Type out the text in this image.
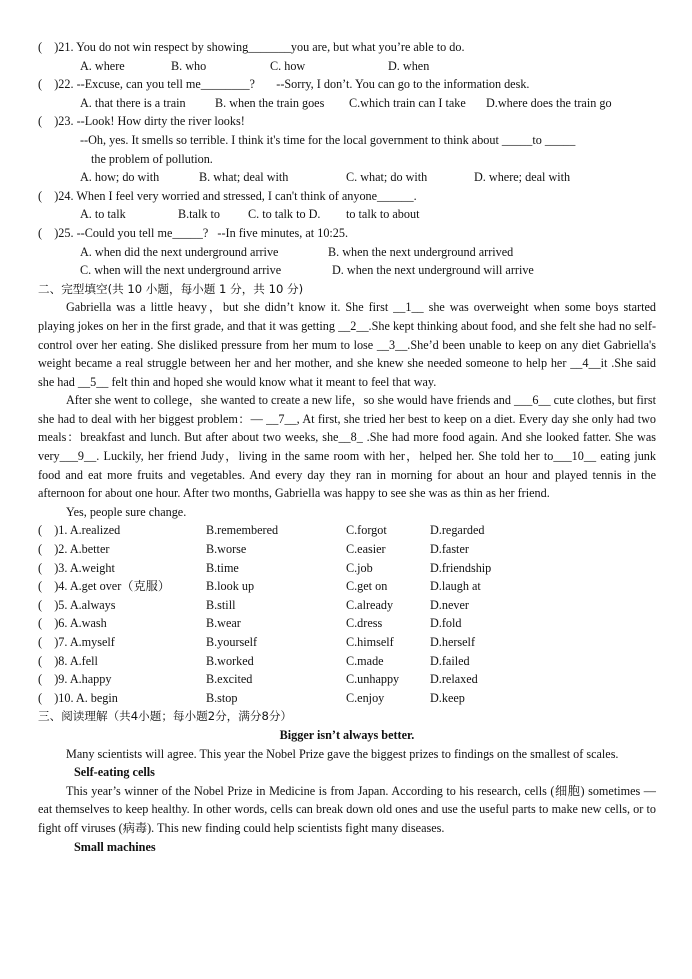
(    )21. You do not win respect by showing_______you are, but what you’re able to do.
A. where	B. who	C. how	D. when
(    )22. --Excuse, can you tell me________?       --Sorry, I don’t. You can go to the information desk.
A. that there is a train B. when the train goes C.which train can I take D.where does the train go
(    )23. --Look! How dirty the river looks!
--Oh, yes. It smells so terrible. I think it's time for the local government to think about _____to _____
the problem of pollution.
A. how; do with	B. what; deal with	C. what; do with	D. where; deal with
(    )24. When I feel very worried and stressed, I can't think of anyone______.
A. to talk	B.talk to C. to talk to D. to talk to about
(    )25. --Could you tell me_____?   --In five minutes, at 10:25.
A. when did the next underground arrive	B. when the next underground arrived
C. when will the next underground arrive	D. when the next underground will arrive
二、完型填空(共 10 小题，每小题 1 分，共 10 分)
Gabriella was a little heavy，but she didn’t know it. She first __1__ she was overweight when some boys started playing jokes on her in the first grade, and that it was getting __2__.She kept thinking about food, and she felt she had no self-control over her eating. She disliked pressure from her mum to lose __3__.She’d been unable to keep on any diet Gabriella's weight became a real struggle between her and her mother, and she knew she needed someone to help her __4__it .She said she had __5__ felt thin and hoped she would know what it meant to feel that way.
After she went to college，she wanted to create a new life，so she would have friends and ___6__ cute clothes, but first she had to deal with her biggest problem：— __7__, At first, she tried her best to keep on a diet. Every day she only had two meals：breakfast and lunch. But after about two weeks, she__8_ .She had more food again. And she looked fatter. She was very___9__. Luckily, her friend Judy，living in the same room with her，helped her. She told her to___10__ eating junk food and eat more fruits and vegetables. And every day they ran in morning for about an hour and played tennis in the afternoon for about one hour. After two months, Gabriella was happy to see she was as thin as her friend.
Yes, people sure change.
(    )1. A.realized	B.remembered	C.forgot	D.regarded
(    )2. A.better	B.worse	C.easier	D.faster
(    )3. A.weight	B.time	C.job	D.friendship
(    )4. A.get over（克服）	B.look up	C.get on	D.laugh at
(    )5. A.always	B.still	C.already	D.never
(    )6. A.wash	B.wear	C.dress	D.fold
(    )7. A.myself	B.yourself	C.himself	D.herself
(    )8. A.fell	B.worked	C.made	D.failed
(    )9. A.happy	B.excited	C.unhappy	D.relaxed
(    )10. A. begin	B.stop	C.enjoy	D.keep
三、阅读理解（共4小题；每小题2分，满分8分）
Bigger isn’t always better.
Many scientists will agree. This year the Nobel Prize gave the biggest prizes to findings on the smallest of scales.
Self-eating cells
This year’s winner of the Nobel Prize in Medicine is from Japan. According to his research, cells (细胞) sometimes —eat themselves to keep healthy. In other words, cells can break down old ones and use the useful parts to make new cells, or to fight off viruses (病毒). This new finding could help scientists fight many diseases.
Small machines
